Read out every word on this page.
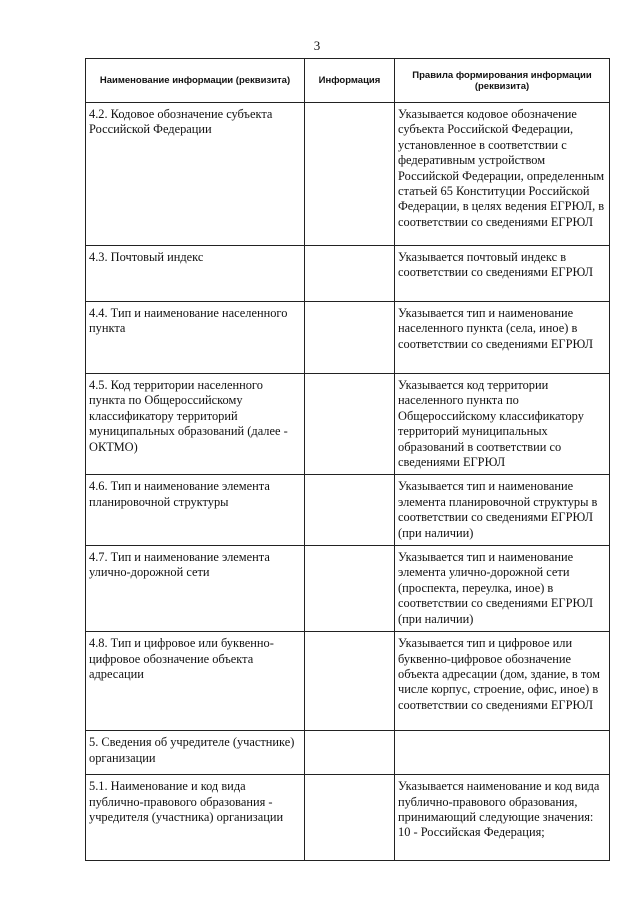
3
Наименование информации (реквизита)	Информация	Правила формирования информации (реквизита)
4.2. Кодовое обозначение субъекта Российской Федерации		Указывается кодовое обозначение субъекта Российской Федерации, установленное в соответствии с федеративным устройством Российской Федерации, определенным статьей 65 Конституции Российской Федерации, в целях ведения ЕГРЮЛ, в соответствии со сведениями ЕГРЮЛ
4.3. Почтовый индекс		Указывается почтовый индекс в соответствии со сведениями ЕГРЮЛ
4.4. Тип и наименование населенного пункта		Указывается тип и наименование населенного пункта (села, иное) в соответствии со сведениями ЕГРЮЛ
4.5. Код территории населенного пункта по Общероссийскому классификатору территорий муниципальных образований (далее - ОКТМО)		Указывается код территории населенного пункта по Общероссийскому классификатору территорий муниципальных образований в соответствии со сведениями ЕГРЮЛ
4.6. Тип и наименование элемента планировочной структуры		Указывается тип и наименование элемента планировочной структуры в соответствии со сведениями ЕГРЮЛ (при наличии)
4.7. Тип и наименование элемента улично-дорожной сети		Указывается тип и наименование элемента улично-дорожной сети (проспекта, переулка, иное) в соответствии со сведениями ЕГРЮЛ (при наличии)
4.8. Тип и цифровое или буквенно-цифровое обозначение объекта адресации		Указывается тип и цифровое или буквенно-цифровое обозначение объекта адресации (дом, здание, в том числе корпус, строение, офис, иное) в соответствии со сведениями ЕГРЮЛ
5. Сведения об учредителе (участнике) организации		
5.1. Наименование и код вида публично-правового образования - учредителя (участника) организации		Указывается наименование и код вида публично-правового образования, принимающий следующие значения:
10 - Российская Федерация;
